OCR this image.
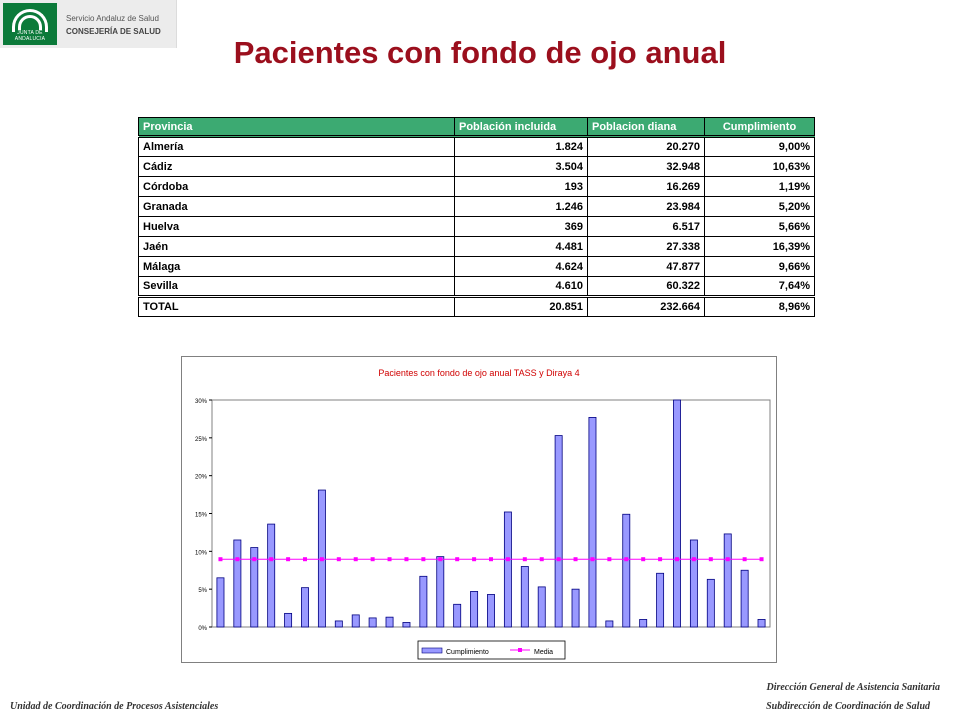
JUNTA DE ANDALUCIA
Servicio Andaluz de Salud
CONSEJERÍA DE SALUD
Pacientes con fondo de ojo anual
Provincia	Población incluida	Poblacion diana	Cumplimiento
Almería	1.824	20.270	9,00%
Cádiz	3.504	32.948	10,63%
Córdoba	193	16.269	1,19%
Granada	1.246	23.984	5,20%
Huelva	369	6.517	5,66%
Jaén	4.481	27.338	16,39%
Málaga	4.624	47.877	9,66%
Sevilla	4.610	60.322	7,64%
TOTAL	20.851	232.664	8,96%
Pacientes con fondo de ojo anual TASS y Diraya 4
0%
5%
10%
15%
20%
25%
30%
Cumplimiento	Media
Unidad de Coordinación de Procesos Asistenciales
Dirección General de Asistencia Sanitaria
Subdirección de Coordinación de Salud
